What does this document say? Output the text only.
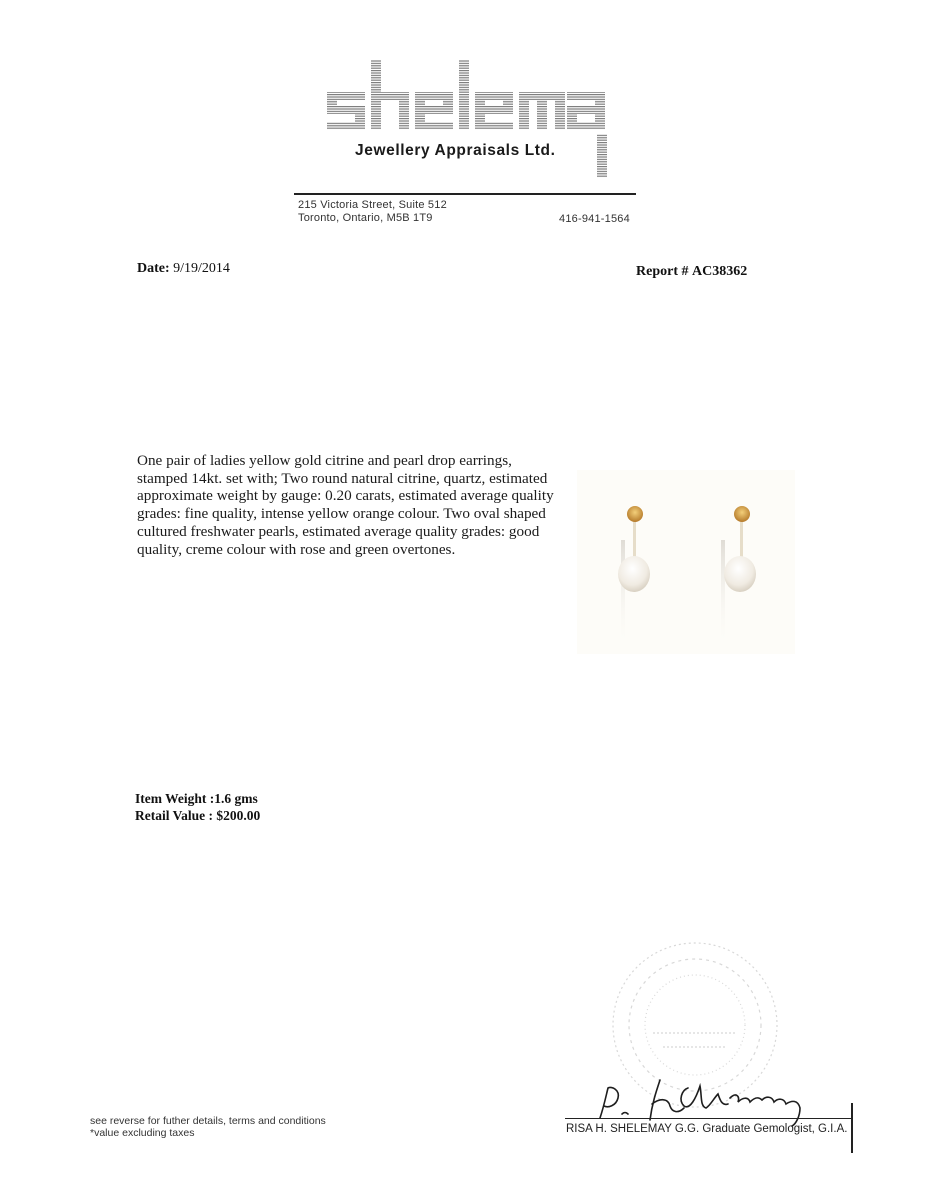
Jewellery Appraisals Ltd.
215 Victoria Street, Suite 512
Toronto, Ontario, M5B 1T9	416-941-1564
Date: 9/19/2014	Report # AC38362
One pair of ladies yellow gold citrine and pearl drop earrings, stamped 14kt. set with; Two round natural citrine, quartz, estimated approximate weight by gauge: 0.20 carats, estimated average quality grades: fine quality, intense yellow orange colour. Two oval shaped cultured freshwater pearls, estimated average quality grades: good quality, creme colour with rose and green overtones.
Item Weight :1.6 gms
Retail Value : $200.00
see reverse for futher details, terms and conditions
*value excluding taxes	RISA H. SHELEMAY G.G. Graduate Gemologist, G.I.A.
